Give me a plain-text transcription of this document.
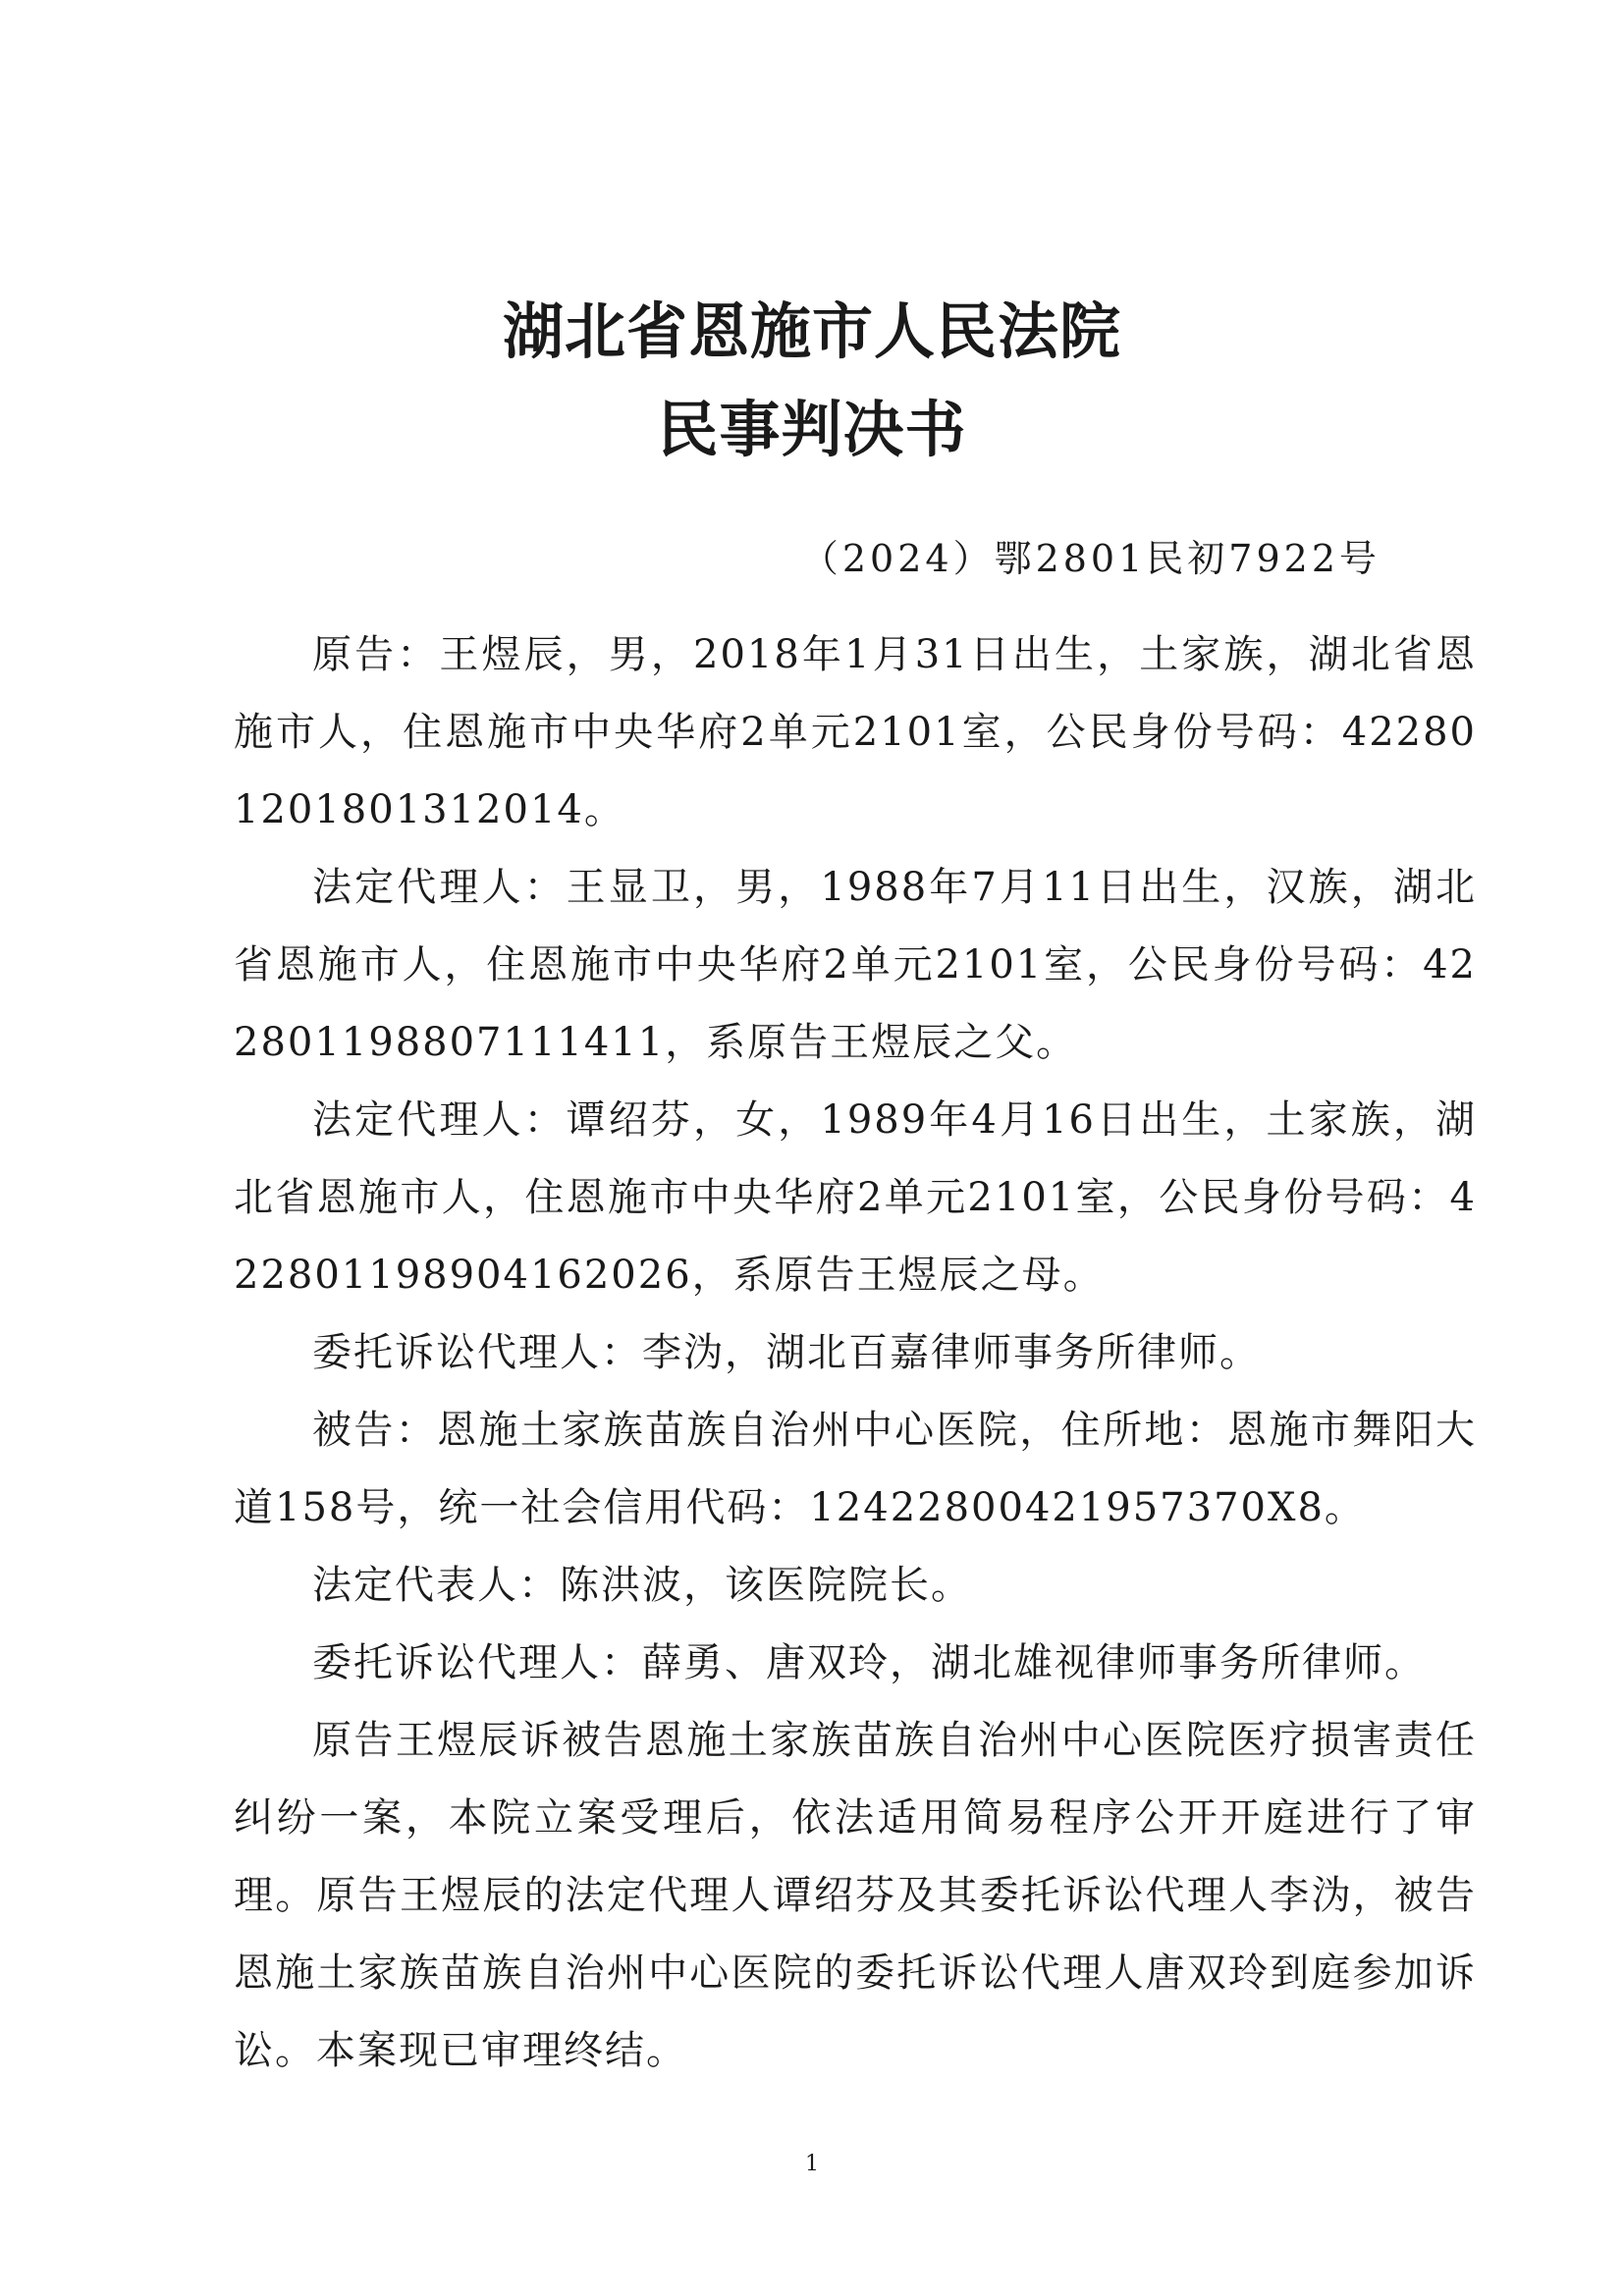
湖北省恩施市人民法院
民事判决书
（2024）鄂2801民初7922号

原告：王煜辰，男，2018年1月31日出生，土家族，湖北省恩施市人，住恩施市中央华府2单元2101室，公民身份号码：422801201801312014。

法定代理人：王显卫，男，1988年7月11日出生，汉族，湖北省恩施市人，住恩施市中央华府2单元2101室，公民身份号码：422801198807111411，系原告王煜辰之父。

法定代理人：谭绍芬，女，1989年4月16日出生，土家族，湖北省恩施市人，住恩施市中央华府2单元2101室，公民身份号码：422801198904162026，系原告王煜辰之母。

委托诉讼代理人：李沩，湖北百嘉律师事务所律师。

被告：恩施土家族苗族自治州中心医院，住所地：恩施市舞阳大道158号，统一社会信用代码：12422800421957370X8。

法定代表人：陈洪波，该医院院长。

委托诉讼代理人：薛勇、唐双玲，湖北雄视律师事务所律师。

原告王煜辰诉被告恩施土家族苗族自治州中心医院医疗损害责任纠纷一案，本院立案受理后，依法适用简易程序公开开庭进行了审理。原告王煜辰的法定代理人谭绍芬及其委托诉讼代理人李沩，被告恩施土家族苗族自治州中心医院的委托诉讼代理人唐双玲到庭参加诉讼。本案现已审理终结。

1
